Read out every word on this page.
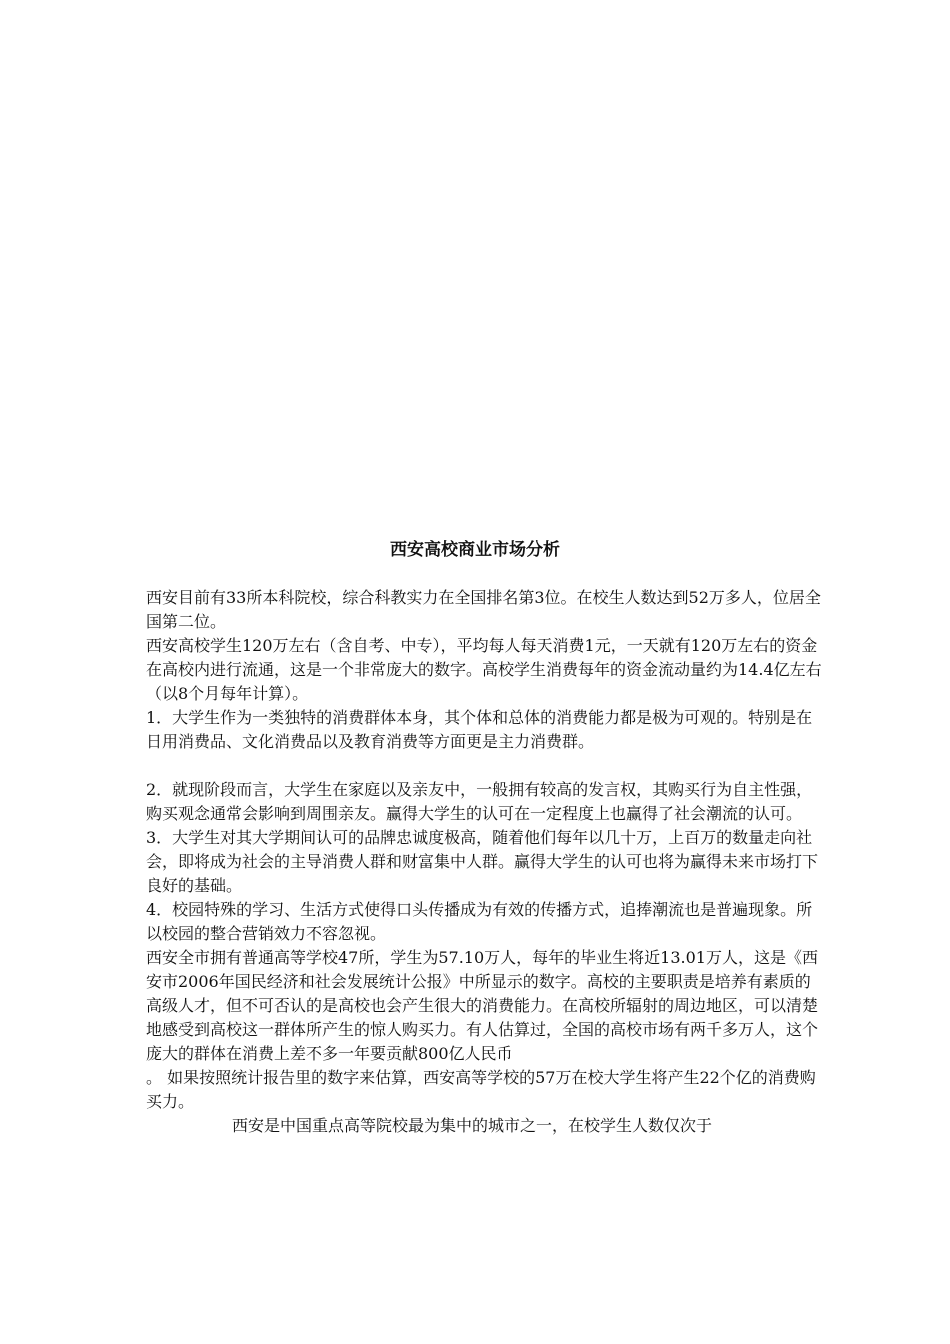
西安高校商业市场分析

西安目前有33所本科院校，综合科教实力在全国排名第3位。在校生人数达到52万多人，位居全国第二位。

西安高校学生120万左右（含自考、中专），平均每人每天消费1元，一天就有120万左右的资金在高校内进行流通，这是一个非常庞大的数字。高校学生消费每年的资金流动量约为14.4亿左右（以8个月每年计算）。

1．大学生作为一类独特的消费群体本身，其个体和总体的消费能力都是极为可观的。特别是在日用消费品、文化消费品以及教育消费等方面更是主力消费群。

2．就现阶段而言，大学生在家庭以及亲友中，一般拥有较高的发言权，其购买行为自主性强，购买观念通常会影响到周围亲友。赢得大学生的认可在一定程度上也赢得了社会潮流的认可。

3．大学生对其大学期间认可的品牌忠诚度极高，随着他们每年以几十万，上百万的数量走向社会，即将成为社会的主导消费人群和财富集中人群。赢得大学生的认可也将为赢得未来市场打下良好的基础。

4．校园特殊的学习、生活方式使得口头传播成为有效的传播方式，追捧潮流也是普遍现象。所以校园的整合营销效力不容忽视。

西安全市拥有普通高等学校47所，学生为57.10万人，每年的毕业生将近13.01万人，这是《西安市2006年国民经济和社会发展统计公报》中所显示的数字。高校的主要职责是培养有素质的高级人才，但不可否认的是高校也会产生很大的消费能力。在高校所辐射的周边地区，可以清楚地感受到高校这一群体所产生的惊人购买力。有人估算过，全国的高校市场有两千多万人，这个庞大的群体在消费上差不多一年要贡献800亿人民币

。 如果按照统计报告里的数字来估算，西安高等学校的57万在校大学生将产生22个亿的消费购买力。

西安是中国重点高等院校最为集中的城市之一，在校学生人数仅次于
